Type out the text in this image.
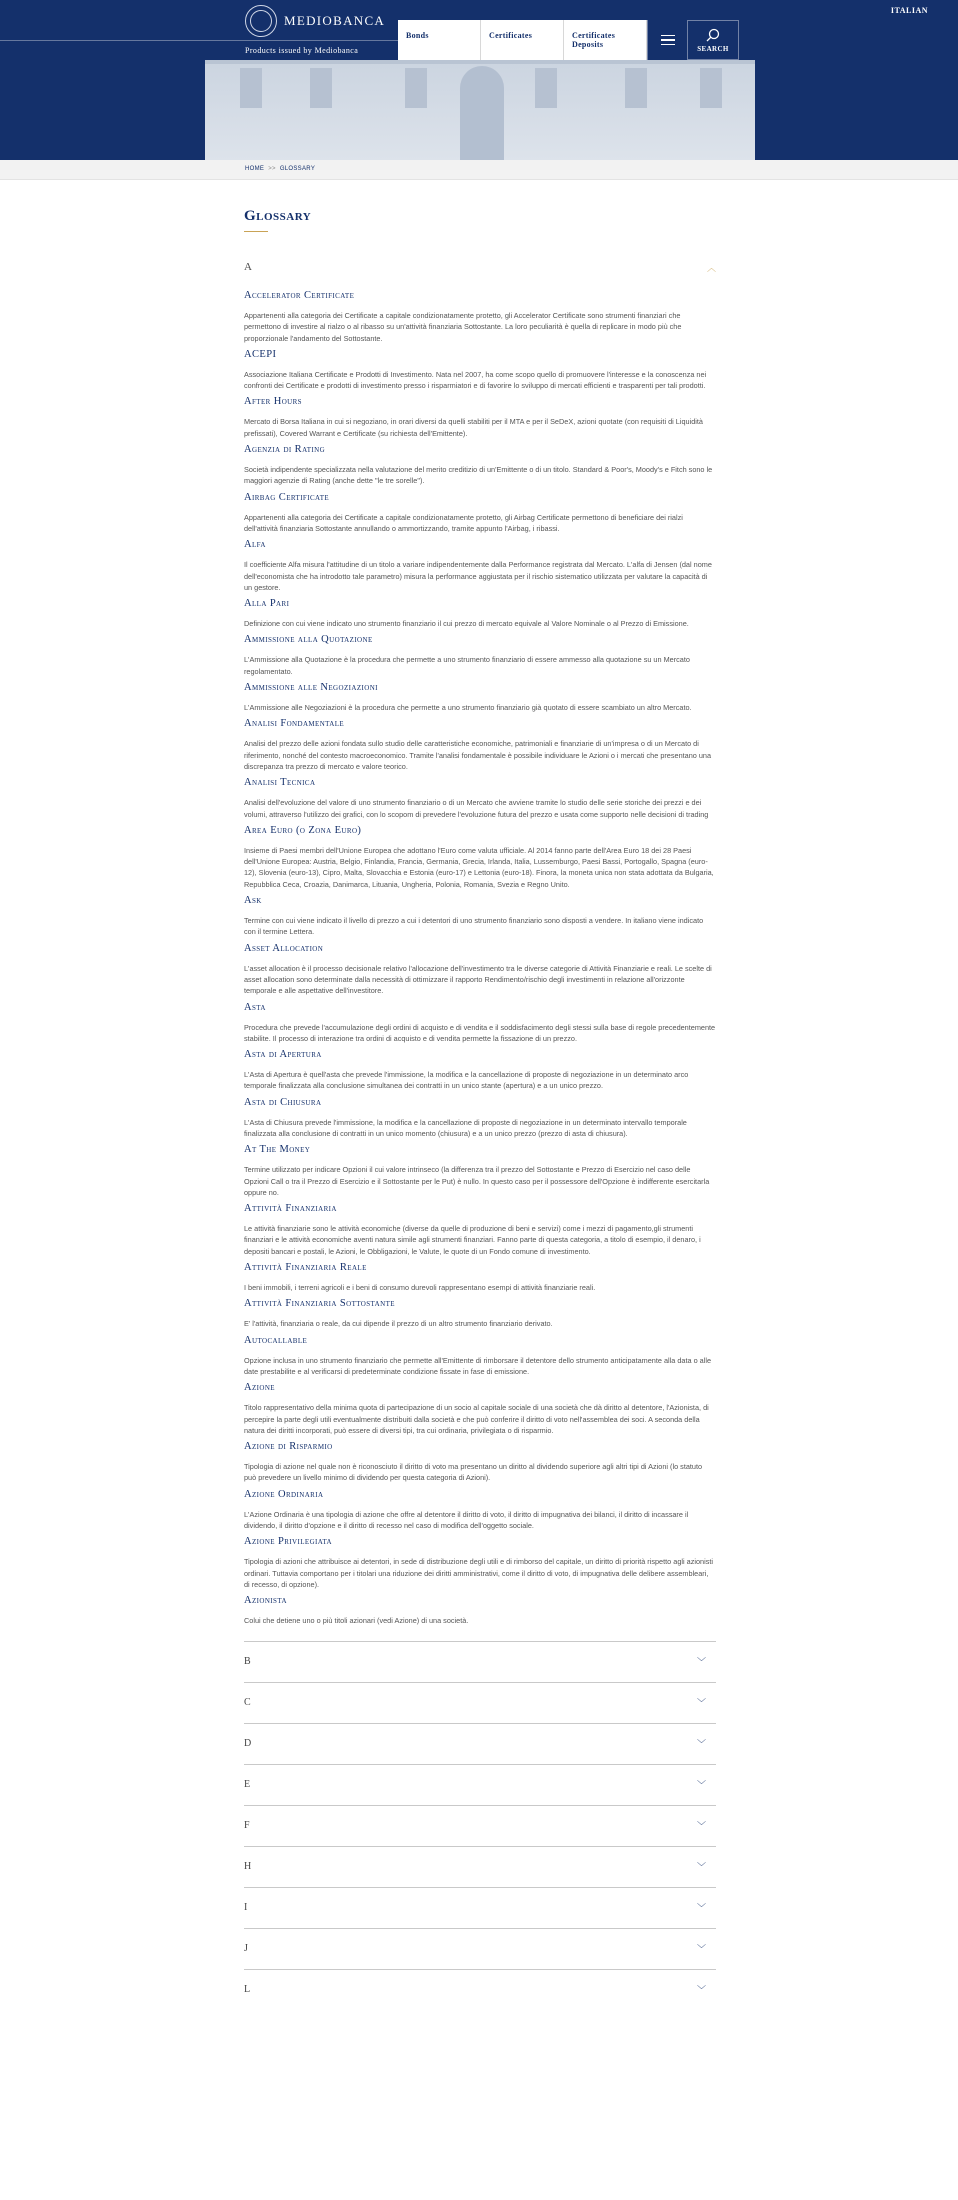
MEDIOBANCA
Products issued by Mediobanca
ITALIAN
Bonds	Certificates	Certificates Deposits	SEARCH
HOME >> GLOSSARY
Glossary
A	︿
Accelerator Certificate

Appartenenti alla categoria dei Certificate a capitale condizionatamente protetto, gli Accelerator Certificate sono strumenti finanziari che permettono di investire al rialzo o al ribasso su un'attività finanziaria Sottostante. La loro peculiarità è quella di replicare in modo più che proporzionale l'andamento del Sottostante.

ACEPI

Associazione Italiana Certificate e Prodotti di Investimento. Nata nel 2007, ha come scopo quello di promuovere l'interesse e la conoscenza nei confronti dei Certificate e prodotti di investimento presso i risparmiatori e di favorire lo sviluppo di mercati efficienti e trasparenti per tali prodotti.

After Hours

Mercato di Borsa Italiana in cui si negoziano, in orari diversi da quelli stabiliti per il MTA e per il SeDeX, azioni quotate (con requisiti di Liquidità prefissati), Covered Warrant e Certificate (su richiesta dell'Emittente).

Agenzia di Rating

Società indipendente specializzata nella valutazione del merito creditizio di un'Emittente o di un titolo. Standard & Poor's, Moody's e Fitch sono le maggiori agenzie di Rating (anche dette "le tre sorelle").

Airbag Certificate

Appartenenti alla categoria dei Certificate a capitale condizionatamente protetto, gli Airbag Certificate permettono di beneficiare dei rialzi dell'attività finanziaria Sottostante annullando o ammortizzando, tramite appunto l'Airbag, i ribassi.

Alfa

Il coefficiente Alfa misura l'attitudine di un titolo a variare indipendentemente dalla Performance registrata dal Mercato. L'alfa di Jensen (dal nome dell'economista che ha introdotto tale parametro) misura la performance aggiustata per il rischio sistematico utilizzata per valutare la capacità di un gestore.

Alla Pari

Definizione con cui viene indicato uno strumento finanziario il cui prezzo di mercato equivale al Valore Nominale o al Prezzo di Emissione.

Ammissione alla Quotazione

L'Ammissione alla Quotazione è la procedura che permette a uno strumento finanziario di essere ammesso alla quotazione su un Mercato regolamentato.

Ammissione alle Negoziazioni

L'Ammissione alle Negoziazioni è la procedura che permette a uno strumento finanziario già quotato di essere scambiato un altro Mercato.

Analisi Fondamentale

Analisi del prezzo delle azioni fondata sullo studio delle caratteristiche economiche, patrimoniali e finanziarie di un'impresa o di un Mercato di riferimento, nonché del contesto macroeconomico. Tramite l'analisi fondamentale è possibile individuare le Azioni o i mercati che presentano una discrepanza tra prezzo di mercato e valore teorico.

Analisi Tecnica

Analisi dell'evoluzione del valore di uno strumento finanziario o di un Mercato che avviene tramite lo studio delle serie storiche dei prezzi e dei volumi, attraverso l'utilizzo dei grafici, con lo scopom di prevedere l'evoluzione futura del prezzo e usata come supporto nelle decisioni di trading

Area Euro (o Zona Euro)

Insieme di Paesi membri dell'Unione Europea che adottano l'Euro come valuta ufficiale. Al 2014 fanno parte dell'Area Euro 18 dei 28 Paesi dell'Unione Europea: Austria, Belgio, Finlandia, Francia, Germania, Grecia, Irlanda, Italia, Lussemburgo, Paesi Bassi, Portogallo, Spagna (euro-12), Slovenia (euro-13), Cipro, Malta, Slovacchia e Estonia (euro-17) e Lettonia (euro-18). Finora, la moneta unica non stata adottata da Bulgaria, Repubblica Ceca, Croazia, Danimarca, Lituania, Ungheria, Polonia, Romania, Svezia e Regno Unito.

Ask

Termine con cui viene indicato il livello di prezzo a cui i detentori di uno strumento finanziario sono disposti a vendere. In italiano viene indicato con il termine Lettera.

Asset Allocation

L'asset allocation è il processo decisionale relativo l'allocazione dell'investimento tra le diverse categorie di Attività Finanziarie e reali. Le scelte di asset allocation sono determinate dalla necessità di ottimizzare il rapporto Rendimento/rischio degli investimenti in relazione all'orizzonte temporale e alle aspettative dell'investitore.

Asta

Procedura che prevede l'accumulazione degli ordini di acquisto e di vendita e il soddisfacimento degli stessi sulla base di regole precedentemente stabilite. Il processo di interazione tra ordini di acquisto e di vendita permette la fissazione di un prezzo.

Asta di Apertura

L'Asta di Apertura è quell'asta che prevede l'immissione, la modifica e la cancellazione di proposte di negoziazione in un determinato arco temporale finalizzata alla conclusione simultanea dei contratti in un unico stante (apertura) e a un unico prezzo.

Asta di Chiusura

L'Asta di Chiusura prevede l'immissione, la modifica e la cancellazione di proposte di negoziazione in un determinato intervallo temporale finalizzata alla conclusione di contratti in un unico momento (chiusura) e a un unico prezzo (prezzo di asta di chiusura).

At The Money

Termine utilizzato per indicare Opzioni il cui valore intrinseco (la differenza tra il prezzo del Sottostante e Prezzo di Esercizio nel caso delle Opzioni Call o tra il Prezzo di Esercizio e il Sottostante per le Put) è nullo. In questo caso per il possessore dell'Opzione è indifferente esercitarla oppure no.

Attività Finanziaria

Le attività finanziarie sono le attività economiche (diverse da quelle di produzione di beni e servizi) come i mezzi di pagamento,gli strumenti finanziari e le attività economiche aventi natura simile agli strumenti finanziari. Fanno parte di questa categoria, a titolo di esempio, il denaro, i depositi bancari e postali, le Azioni, le Obbligazioni, le Valute, le quote di un Fondo comune di investimento.

Attività Finanziaria Reale

I beni immobili, i terreni agricoli e i beni di consumo durevoli rappresentano esempi di attività finanziarie reali.

Attività Finanziaria Sottostante

E' l'attività, finanziaria o reale, da cui dipende il prezzo di un altro strumento finanziario derivato.

Autocallable

Opzione inclusa in uno strumento finanziario che permette all'Emittente di rimborsare il detentore dello strumento anticipatamente alla data o alle date prestabilite e al verificarsi di predeterminate condizione fissate in fase di emissione.

Azione

Titolo rappresentativo della minima quota di partecipazione di un socio al capitale sociale di una società che dà diritto al detentore, l'Azionista, di percepire la parte degli utili eventualmente distribuiti dalla società e che può conferire il diritto di voto nell'assemblea dei soci. A seconda della natura dei diritti incorporati, può essere di diversi tipi, tra cui ordinaria, privilegiata o di risparmio.

Azione di Risparmio

Tipologia di azione nel quale non è riconosciuto il diritto di voto ma presentano un diritto al dividendo superiore agli altri tipi di Azioni (lo statuto può prevedere un livello minimo di dividendo per questa categoria di Azioni).

Azione Ordinaria

L'Azione Ordinaria è una tipologia di azione che offre al detentore il diritto di voto, il diritto di impugnativa dei bilanci, il diritto di incassare il dividendo, il diritto d'opzione e il diritto di recesso nel caso di modifica dell'oggetto sociale.

Azione Privilegiata

Tipologia di azioni che attribuisce ai detentori, in sede di distribuzione degli utili e di rimborso del capitale, un diritto di priorità rispetto agli azionisti ordinari. Tuttavia comportano per i titolari una riduzione dei diritti amministrativi, come il diritto di voto, di impugnativa delle delibere assembleari, di recesso, di opzione).

Azionista

Colui che detiene uno o più titoli azionari (vedi Azione) di una società.

B	﹀
C	﹀
D	﹀
E	﹀
F	﹀
H	﹀
I	﹀
J	﹀
L	﹀
